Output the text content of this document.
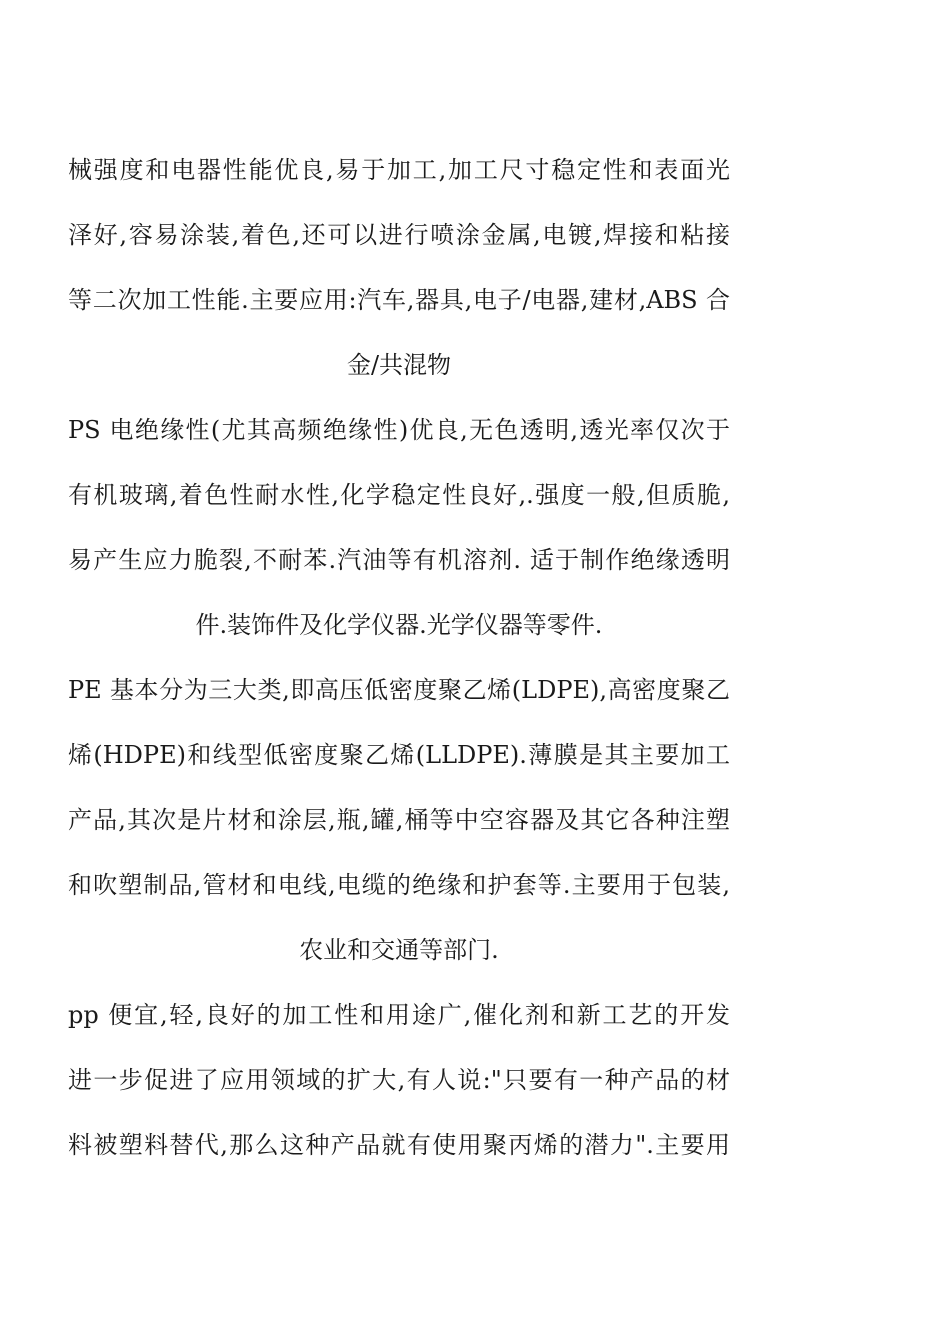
械强度和电器性能优良,易于加工,加工尺寸稳定性和表面光
泽好,容易涂装,着色,还可以进行喷涂金属,电镀,焊接和粘接
等二次加工性能.主要应用:汽车,器具,电子/电器,建材,ABS 合
金/共混物
PS 电绝缘性(尤其高频绝缘性)优良,无色透明,透光率仅次于
有机玻璃,着色性耐水性,化学稳定性良好,.强度一般,但质脆,
易产生应力脆裂,不耐苯.汽油等有机溶剂. 适于制作绝缘透明
件.装饰件及化学仪器.光学仪器等零件.
PE 基本分为三大类,即高压低密度聚乙烯(LDPE),高密度聚乙
烯(HDPE)和线型低密度聚乙烯(LLDPE).薄膜是其主要加工
产品,其次是片材和涂层,瓶,罐,桶等中空容器及其它各种注塑
和吹塑制品,管材和电线,电缆的绝缘和护套等.主要用于包装,
农业和交通等部门.
pp 便宜,轻,良好的加工性和用途广,催化剂和新工艺的开发
进一步促进了应用领域的扩大,有人说:"只要有一种产品的材
料被塑料替代,那么这种产品就有使用聚丙烯的潜力".主要用
